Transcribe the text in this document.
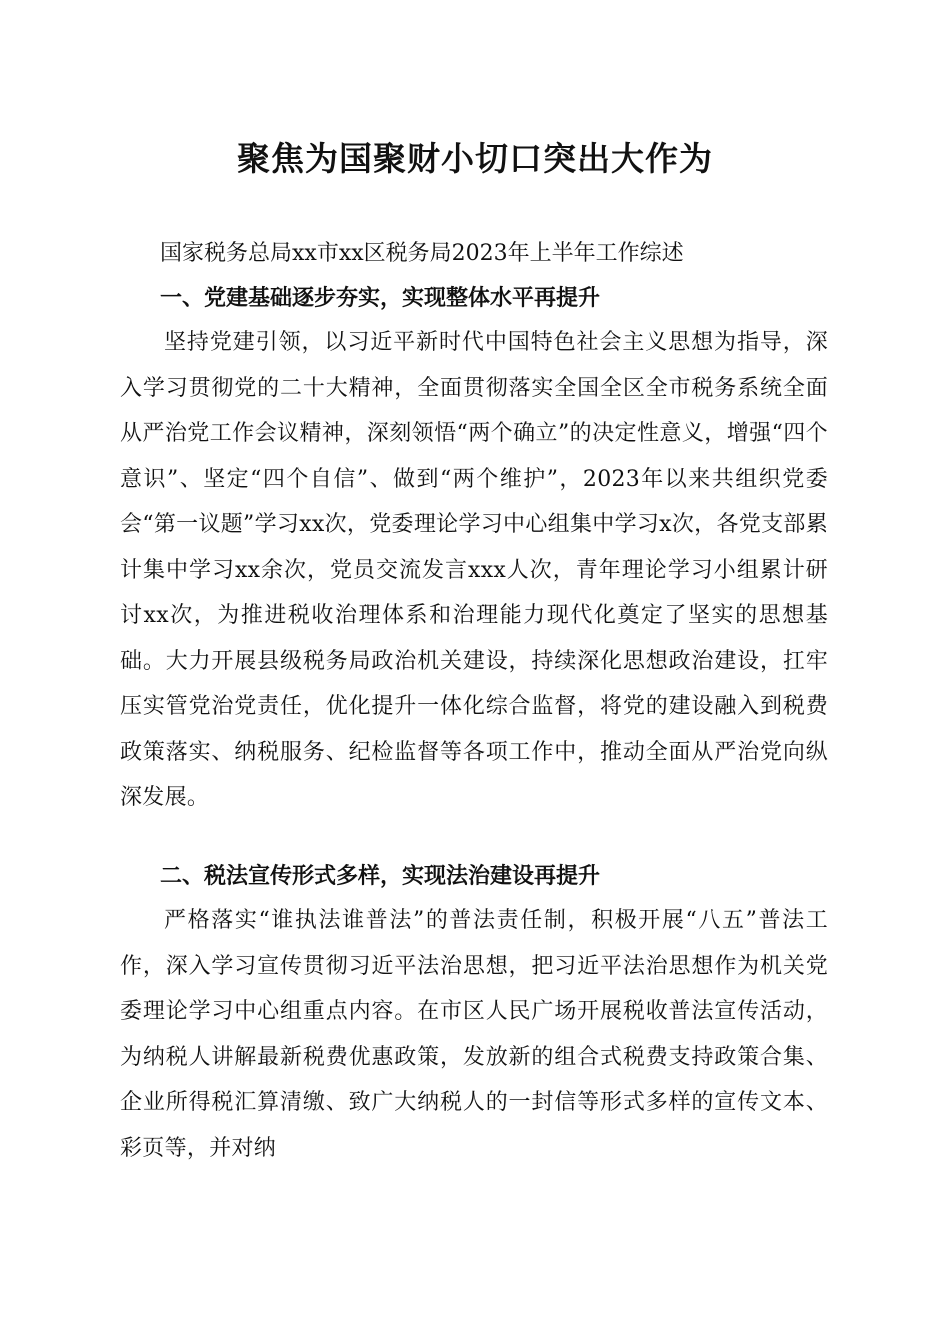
聚焦为国聚财小切口突出大作为

国家税务总局xx市xx区税务局2023年上半年工作综述

一、党建基础逐步夯实，实现整体水平再提升

坚持党建引领，以习近平新时代中国特色社会主义思想为指导，深入学习贯彻党的二十大精神，全面贯彻落实全国全区全市税务系统全面从严治党工作会议精神，深刻领悟“两个确立”的决定性意义，增强“四个意识”、坚定“四个自信”、做到“两个维护”，2023年以来共组织党委会“第一议题”学习xx次，党委理论学习中心组集中学习x次，各党支部累计集中学习xx余次，党员交流发言xxx人次，青年理论学习小组累计研讨xx次，为推进税收治理体系和治理能力现代化奠定了坚实的思想基础。大力开展县级税务局政治机关建设，持续深化思想政治建设，扛牢压实管党治党责任，优化提升一体化综合监督，将党的建设融入到税费政策落实、纳税服务、纪检监督等各项工作中，推动全面从严治党向纵深发展。

二、税法宣传形式多样，实现法治建设再提升

严格落实“谁执法谁普法”的普法责任制，积极开展“八五”普法工作，深入学习宣传贯彻习近平法治思想，把习近平法治思想作为机关党委理论学习中心组重点内容。在市区人民广场开展税收普法宣传活动，为纳税人讲解最新税费优惠政策，发放新的组合式税费支持政策合集、企业所得税汇算清缴、致广大纳税人的一封信等形式多样的宣传文本、彩页等，并对纳
